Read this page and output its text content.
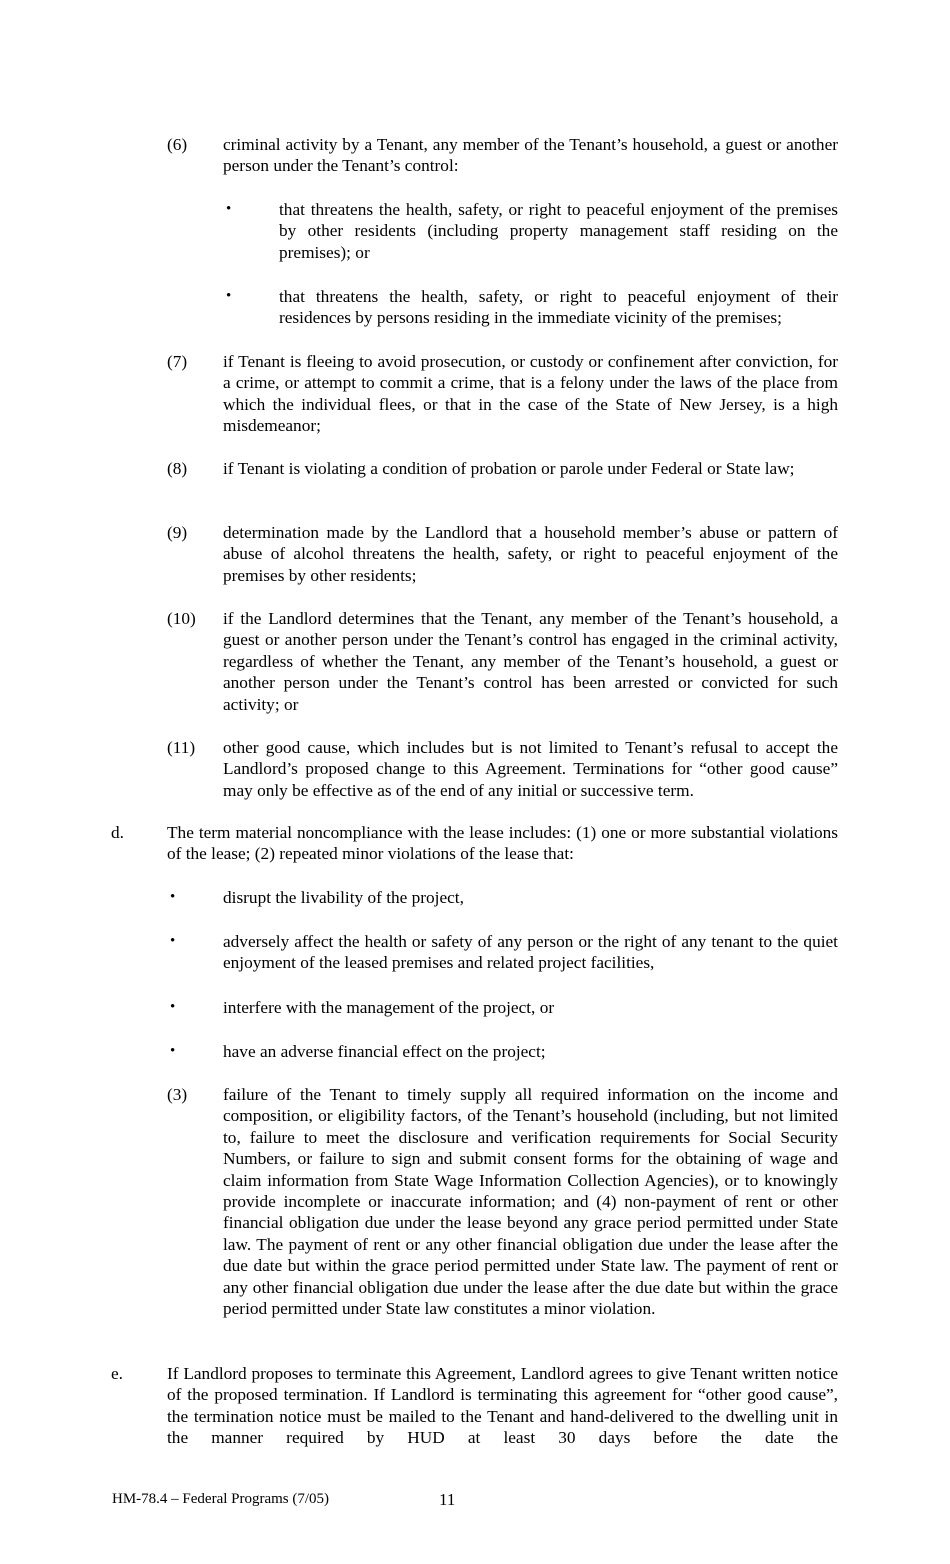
(6) criminal activity by a Tenant, any member of the Tenant’s household, a guest or another person under the Tenant’s control:
•	that threatens the health, safety, or right to peaceful enjoyment of the premises by other residents (including property management staff residing on the premises); or
•	that threatens the health, safety, or right to peaceful enjoyment of their residences by persons residing in the immediate vicinity of the premises;
(7) if Tenant is fleeing to avoid prosecution, or custody or confinement after conviction, for a crime, or attempt to commit a crime, that is a felony under the laws of the place from which the individual flees, or that in the case of the State of New Jersey, is a high misdemeanor;
(8) if Tenant is violating a condition of probation or parole under Federal or State law;
(9) determination made by the Landlord that a household member’s abuse or pattern of abuse of alcohol threatens the health, safety, or right to peaceful enjoyment of the premises by other residents;
(10) if the Landlord determines that the Tenant, any member of the Tenant’s household, a guest or another person under the Tenant’s control has engaged in the criminal activity, regardless of whether the Tenant, any member of the Tenant’s household, a guest or another person under the Tenant’s control has been arrested or convicted for such activity; or
(11) other good cause, which includes but is not limited to Tenant’s refusal to accept the Landlord’s proposed change to this Agreement. Terminations for “other good cause” may only be effective as of the end of any initial or successive term.
d. The term material noncompliance with the lease includes: (1) one or more substantial violations of the lease; (2) repeated minor violations of the lease that:
•	disrupt the livability of the project,
•	adversely affect the health or safety of any person or the right of any tenant to the quiet enjoyment of the leased premises and related project facilities,
•	interfere with the management of the project, or
•	have an adverse financial effect on the project;
(3) failure of the Tenant to timely supply all required information on the income and composition, or eligibility factors, of the Tenant’s household (including, but not limited to, failure to meet the disclosure and verification requirements for Social Security Numbers, or failure to sign and submit consent forms for the obtaining of wage and claim information from State Wage Information Collection Agencies), or to knowingly provide incomplete or inaccurate information; and (4) non-payment of rent or other financial obligation due under the lease beyond any grace period permitted under State law. The payment of rent or any other financial obligation due under the lease after the due date but within the grace period permitted under State law. The payment of rent or any other financial obligation due under the lease after the due date but within the grace period permitted under State law constitutes a minor violation.
e.	If Landlord proposes to terminate this Agreement, Landlord agrees to give Tenant written notice of the proposed termination. If Landlord is terminating this agreement for “other good cause”, the termination notice must be mailed to the Tenant and hand-delivered to the dwelling unit in the manner required by HUD at least 30 days before the date the
HM-78.4 – Federal Programs (7/05)	11
